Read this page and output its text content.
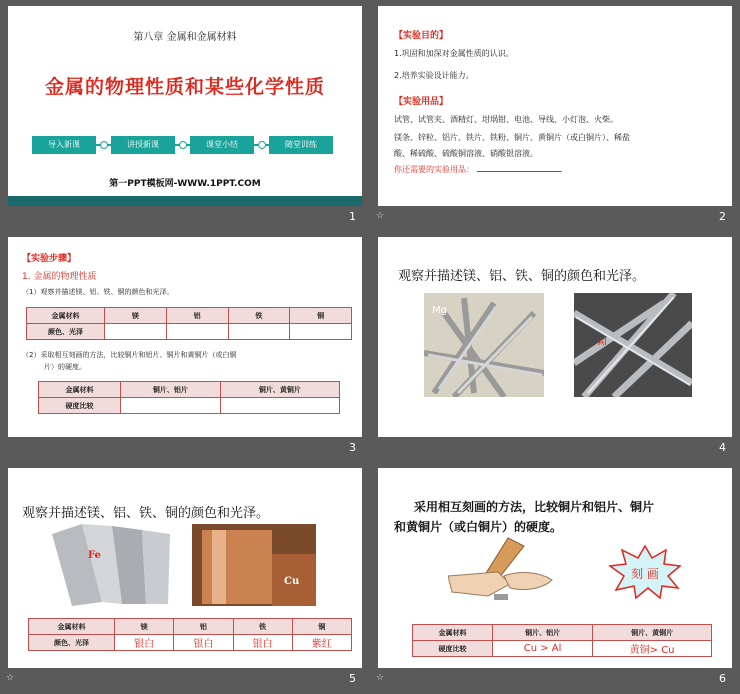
第八章 金属和金属材料
金属的物理性质和某些化学性质
导入新课	讲授新课	课堂小结	随堂训练
第一PPT模板网-WWW.1PPT.COM
1
【实验目的】
1.巩固和加深对金属性质的认识。
2.培养实验设计能力。
【实验用品】
试管、试管夹、酒精灯、坩埚钳、电池、导线、小灯泡、火柴。
镁条、锌粒、铝片、铁片、铁粉、铜片、黄铜片（或白铜片）、稀盐
酸、稀硫酸、硫酸铜溶液、硝酸银溶液。
你还需要的实验用品：	.
2
☆
【实验步骤】
1. 金属的物理性质
（1）观察并描述镁、铝、铁、铜的颜色和光泽。
金属材料	镁	铝	铁	铜
颜色、光泽				
（2）采取相互刻画的方法，比较铜片和铝片、铜片和黄铜片（或白铜
片）的硬度。
金属材料	铜片、铝片	铜片、黄铜片
硬度比较		
3
观察并描述镁、铝、铁、铜的颜色和光泽。
Mg
Al
4
观察并描述镁、铝、铁、铜的颜色和光泽。
Fe
Cu
金属材料	镁	铝	铁	铜
颜色、光泽	银白	银白	银白	紫红
5
☆
采用相互刻画的方法，比较铜片和铝片、铜片
和黄铜片（或白铜片）的硬度。
刻 画
金属材料	铜片、铝片	铜片、黄铜片
硬度比较	Cu > Al	黄铜> Cu
6
☆
